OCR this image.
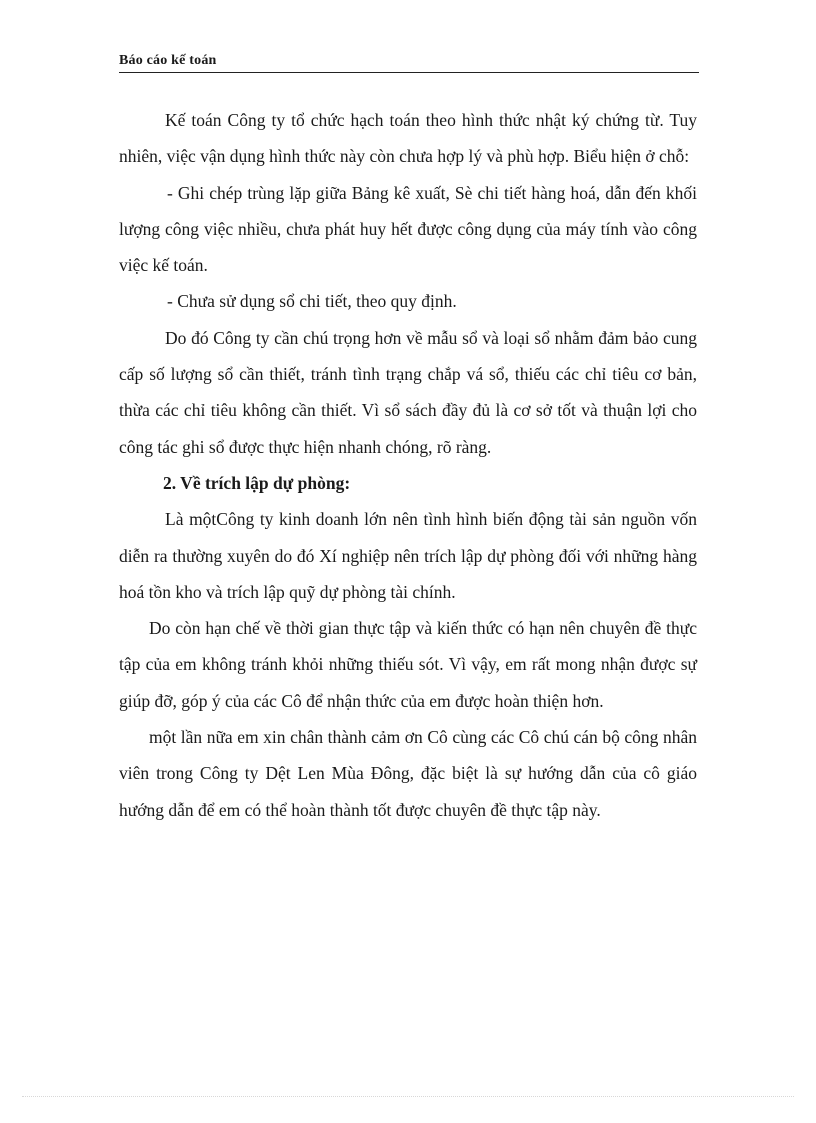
Báo cáo kế toán

Kế toán Công ty tổ chức hạch toán theo hình thức nhật ký chứng từ. Tuy nhiên, việc vận dụng hình thức này còn chưa hợp lý và phù hợp. Biểu hiện ở chỗ:

- Ghi chép trùng lặp giữa Bảng kê xuất, Sè chi tiết hàng hoá, dẫn đến khối lượng công việc nhiều, chưa phát huy hết được công dụng của máy tính vào công việc kế toán.

- Chưa sử dụng sổ chi tiết, theo quy định.

Do đó Công ty cần chú trọng hơn về mẫu sổ và loại sổ nhằm đảm bảo cung cấp số lượng sổ cần thiết, tránh tình trạng chắp vá sổ, thiếu các chỉ tiêu cơ bản, thừa các chỉ tiêu không cần thiết. Vì sổ sách đầy đủ là cơ sở tốt và thuận lợi cho công tác ghi sổ được thực hiện nhanh chóng, rõ ràng.

2. Về trích lập dự phòng:

Là mộtCông ty kinh doanh lớn nên tình hình biến động tài sản nguồn vốn diễn ra thường xuyên do đó Xí nghiệp nên trích lập dự phòng đối với những hàng hoá tồn kho và trích lập quỹ dự phòng tài chính.

Do còn hạn chế về thời gian thực tập và kiến thức có hạn nên chuyên đề thực tập của em không tránh khỏi những thiếu sót. Vì vậy, em rất mong nhận được sự giúp đỡ, góp ý của các Cô để nhận thức của em được hoàn thiện hơn.

một lần nữa em xin chân thành cảm ơn Cô cùng các Cô chú cán bộ công nhân viên trong Công ty Dệt Len Mùa Đông, đặc biệt là sự hướng dẫn của cô giáo hướng dẫn để em có thể hoàn thành tốt được chuyên đề thực tập này.
